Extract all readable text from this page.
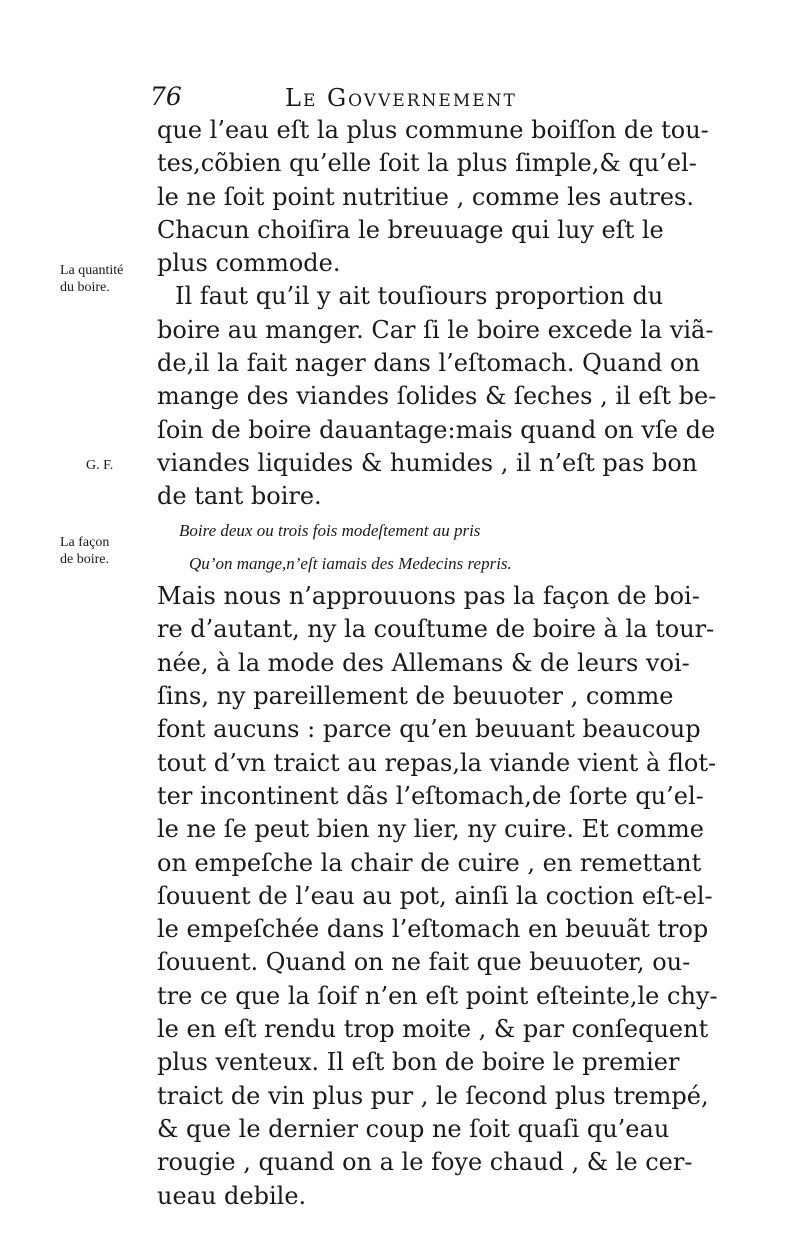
76	Le Govvernement
La quantité
du boire.
G. F.
La façon
de boire.
que l’eau eſt la plus commune boiſſon de tou-
tes,cõbien qu’elle ſoit la plus ſimple,& qu’el-
le ne ſoit point nutritiue , comme les autres.
Chacun choiſira le breuuage qui luy eſt le
plus commode.
Il faut qu’il y ait touſiours proportion du
boire au manger. Car ſi le boire excede la viã-
de,il la fait nager dans l’eſtomach. Quand on
mange des viandes ſolides & ſeches , il eſt be-
ſoin de boire dauantage:mais quand on vſe de
viandes liquides & humides , il n’eſt pas bon
de tant boire.
Boire deux ou trois fois modeſtement au pris
Qu’on mange,n’eſt iamais des Medecins repris.
Mais nous n’approuuons pas la façon de boi-
re d’autant, ny la couſtume de boire à la tour-
née, à la mode des Allemans & de leurs voi-
ſins, ny pareillement de beuuoter , comme
font aucuns : parce qu’en beuuant beaucoup
tout d’vn traict au repas,la viande vient à flot-
ter incontinent dãs l’eſtomach,de ſorte qu’el-
le ne ſe peut bien ny lier, ny cuire. Et comme
on empeſche la chair de cuire , en remettant
ſouuent de l’eau au pot, ainſi la coction eſt-el-
le empeſchée dans l’eſtomach en beuuãt trop
ſouuent. Quand on ne fait que beuuoter, ou-
tre ce que la ſoif n’en eſt point eſteinte,le chy-
le en eſt rendu trop moite , & par conſequent
plus venteux. Il eſt bon de boire le premier
traict de vin plus pur , le ſecond plus trempé,
& que le dernier coup ne ſoit quaſi qu’eau
rougie , quand on a le foye chaud , & le cer-
ueau debile.
